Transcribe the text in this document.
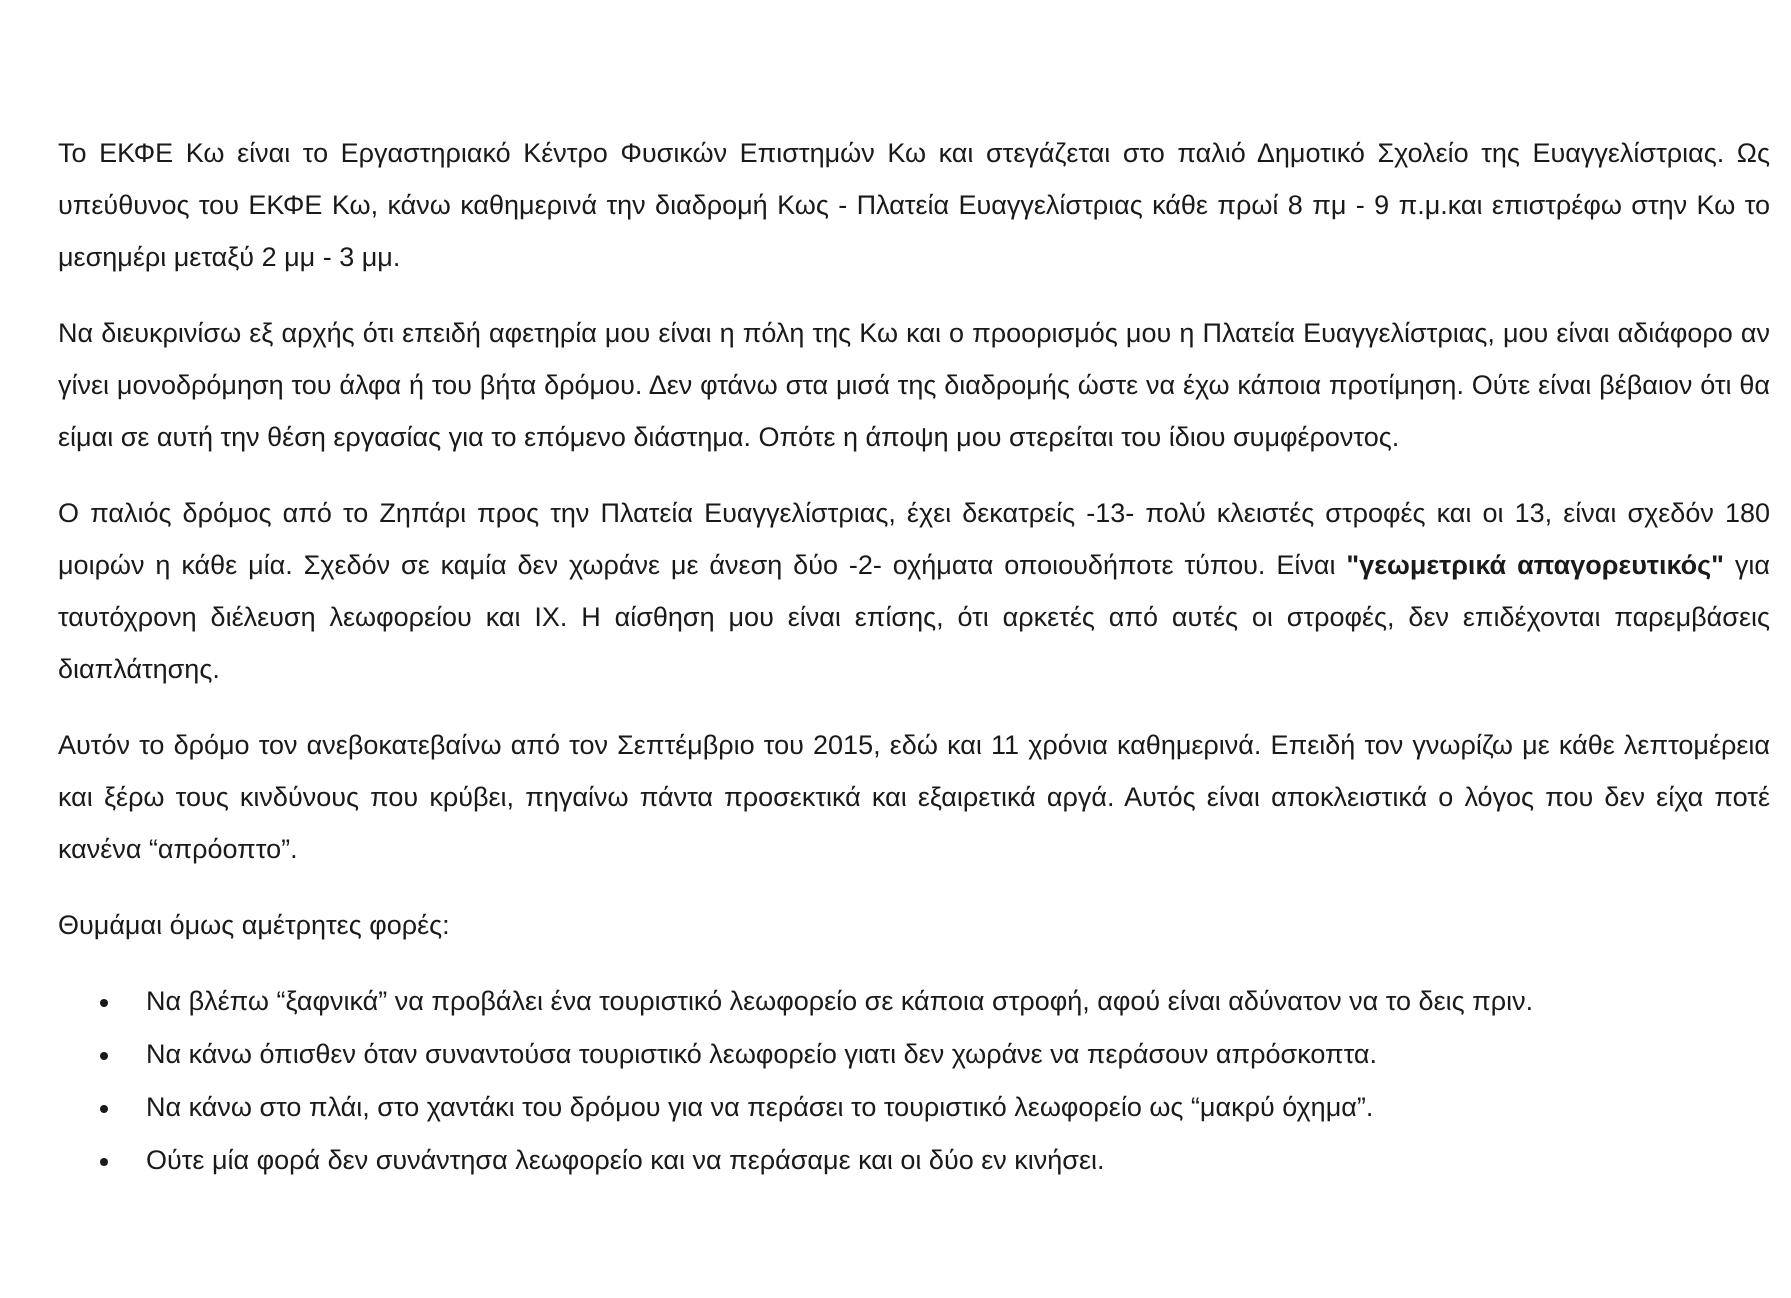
Το ΕΚΦΕ Κω είναι το Εργαστηριακό Κέντρο Φυσικών Επιστημών Κω και στεγάζεται στο παλιό Δημοτικό Σχολείο της Ευαγγελίστριας. Ως υπεύθυνος του ΕΚΦΕ Κω, κάνω καθημερινά την διαδρομή Κως - Πλατεία Ευαγγελίστριας κάθε πρωί 8 πμ - 9 π.μ.και επιστρέφω στην Κω το μεσημέρι μεταξύ 2 μμ - 3 μμ.

Να διευκρινίσω εξ αρχής ότι επειδή αφετηρία μου είναι η πόλη της Κω και ο προορισμός μου η Πλατεία Ευαγγελίστριας, μου είναι αδιάφορο αν γίνει μονοδρόμηση του άλφα ή του βήτα δρόμου. Δεν φτάνω στα μισά της διαδρομής ώστε να έχω κάποια προτίμηση. Ούτε είναι βέβαιον ότι θα είμαι σε αυτή την θέση εργασίας για το επόμενο διάστημα. Οπότε η άποψη μου στερείται του ίδιου συμφέροντος.

Ο παλιός δρόμος από το Ζηπάρι προς την Πλατεία Ευαγγελίστριας, έχει δεκατρείς -13- πολύ κλειστές στροφές και οι 13, είναι σχεδόν 180 μοιρών η κάθε μία. Σχεδόν σε καμία δεν χωράνε με άνεση δύο -2- οχήματα οποιουδήποτε τύπου. Είναι "γεωμετρικά απαγορευτικός" για ταυτόχρονη διέλευση λεωφορείου και ΙΧ. Η αίσθηση μου είναι επίσης, ότι αρκετές από αυτές οι στροφές, δεν επιδέχονται παρεμβάσεις διαπλάτησης.

Αυτόν το δρόμο τον ανεβοκατεβαίνω από τον Σεπτέμβριο του 2015, εδώ και 11 χρόνια καθημερινά. Επειδή τον γνωρίζω με κάθε λεπτομέρεια και ξέρω τους κινδύνους που κρύβει, πηγαίνω πάντα προσεκτικά και εξαιρετικά αργά. Αυτός είναι αποκλειστικά ο λόγος που δεν είχα ποτέ κανένα “απρόοπτο”.

Θυμάμαι όμως αμέτρητες φορές:

Να βλέπω “ξαφνικά” να προβάλει ένα τουριστικό λεωφορείο σε κάποια στροφή, αφού είναι αδύνατον να το δεις πριν.
Να κάνω όπισθεν όταν συναντούσα τουριστικό λεωφορείο γιατι δεν χωράνε να περάσουν απρόσκοπτα.
Να κάνω στο πλάι, στο χαντάκι του δρόμου για να περάσει το τουριστικό λεωφορείο ως “μακρύ όχημα”.
Ούτε μία φορά δεν συνάντησα λεωφορείο και να περάσαμε και οι δύο εν κινήσει.
